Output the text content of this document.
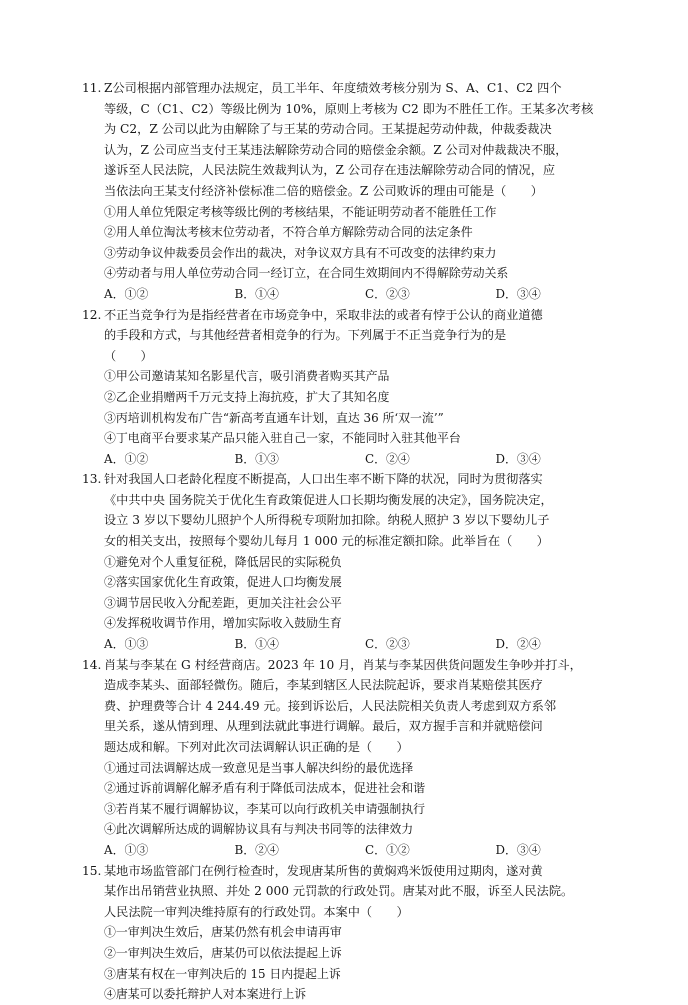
11. Z公司根据内部管理办法规定，员工半年、年度绩效考核分别为 S、A、C1、C2 四个
等级，C（C1、C2）等级比例为 10%，原则上考核为 C2 即为不胜任工作。王某多次考核
为 C2，Z 公司以此为由解除了与王某的劳动合同。王某提起劳动仲裁，仲裁委裁决
认为，Z 公司应当支付王某违法解除劳动合同的赔偿金余额。Z 公司对仲裁裁决不服，
遂诉至人民法院，人民法院生效裁判认为，Z 公司存在违法解除劳动合同的情况，应
当依法向王某支付经济补偿标准二倍的赔偿金。Z 公司败诉的理由可能是（　　）
①用人单位凭限定考核等级比例的考核结果，不能证明劳动者不能胜任工作
②用人单位淘汰考核末位劳动者，不符合单方解除劳动合同的法定条件
③劳动争议仲裁委员会作出的裁决，对争议双方具有不可改变的法律约束力
④劳动者与用人单位劳动合同一经订立，在合同生效期间内不得解除劳动关系
A．①②	B．①④	C．②③	D．③④
12. 不正当竞争行为是指经营者在市场竞争中，采取非法的或者有悖于公认的商业道德
的手段和方式，与其他经营者相竞争的行为。下列属于不正当竞争行为的是
（　　）
①甲公司邀请某知名影星代言，吸引消费者购买其产品
②乙企业捐赠两千万元支持上海抗疫，扩大了其知名度
③丙培训机构发布广告“新高考直通车计划，直达 36 所‘双一流’”
④丁电商平台要求某产品只能入驻自己一家，不能同时入驻其他平台
A．①②	B．①③	C．②④	D．③④
13. 针对我国人口老龄化程度不断提高，人口出生率不断下降的状况，同时为贯彻落实
《中共中央 国务院关于优化生育政策促进人口长期均衡发展的决定》，国务院决定，
设立 3 岁以下婴幼儿照护个人所得税专项附加扣除。纳税人照护 3 岁以下婴幼儿子
女的相关支出，按照每个婴幼儿每月 1 000 元的标准定额扣除。此举旨在（　　）
①避免对个人重复征税，降低居民的实际税负
②落实国家优化生育政策，促进人口均衡发展
③调节居民收入分配差距，更加关注社会公平
④发挥税收调节作用，增加实际收入鼓励生育
A．①③	B．①④	C．②③	D．②④
14. 肖某与李某在 G 村经营商店。2023 年 10 月，肖某与李某因供货问题发生争吵并打斗，
造成李某头、面部轻微伤。随后，李某到辖区人民法院起诉，要求肖某赔偿其医疗
费、护理费等合计 4 244.49 元。接到诉讼后，人民法院相关负责人考虑到双方系邻
里关系，遂从情到理、从理到法就此事进行调解。最后，双方握手言和并就赔偿问
题达成和解。下列对此次司法调解认识正确的是（　　）
①通过司法调解达成一致意见是当事人解决纠纷的最优选择
②通过诉前调解化解矛盾有利于降低司法成本，促进社会和谐
③若肖某不履行调解协议，李某可以向行政机关申请强制执行
④此次调解所达成的调解协议具有与判决书同等的法律效力
A．①③	B．②④	C．①②	D．③④
15. 某地市场监管部门在例行检查时，发现唐某所售的黄焖鸡米饭使用过期肉，遂对黄
某作出吊销营业执照、并处 2 000 元罚款的行政处罚。唐某对此不服，诉至人民法院。
人民法院一审判决维持原有的行政处罚。本案中（　　）
①一审判决生效后，唐某仍然有机会申请再审
②一审判决生效后，唐某仍可以依法提起上诉
③唐某有权在一审判决后的 15 日内提起上诉
④唐某可以委托辩护人对本案进行上诉
